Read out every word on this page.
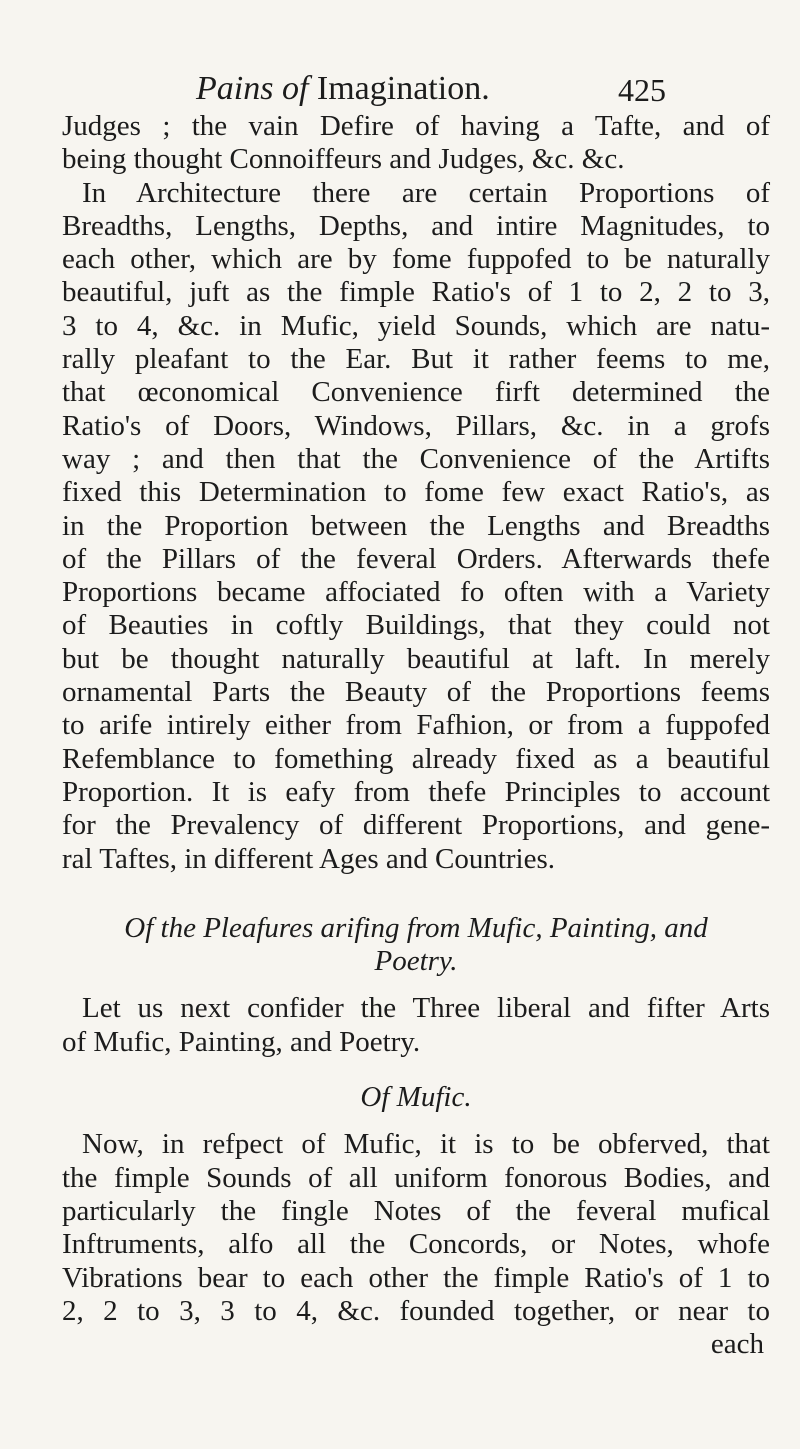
Pains of Imagination.	425
Judges ; the vain Defire of having a Tafte, and of
being thought Connoiffeurs and Judges, &c. &c.
In Architecture there are certain Proportions of
Breadths, Lengths, Depths, and intire Magnitudes, to
each other, which are by fome fuppofed to be naturally
beautiful, juft as the fimple Ratio's of 1 to 2, 2 to 3,
3 to 4, &c. in Mufic, yield Sounds, which are natu-
rally pleafant to the Ear. But it rather feems to me,
that œconomical Convenience firft determined the
Ratio's of Doors, Windows, Pillars, &c. in a grofs
way ; and then that the Convenience of the Artifts
fixed this Determination to fome few exact Ratio's, as
in the Proportion between the Lengths and Breadths
of the Pillars of the feveral Orders. Afterwards thefe
Proportions became affociated fo often with a Variety
of Beauties in coftly Buildings, that they could not
but be thought naturally beautiful at laft. In merely
ornamental Parts the Beauty of the Proportions feems
to arife intirely either from Fafhion, or from a fuppofed
Refemblance to fomething already fixed as a beautiful
Proportion. It is eafy from thefe Principles to account
for the Prevalency of different Proportions, and gene-
ral Taftes, in different Ages and Countries.
Of the Pleafures arifing from Mufic, Painting, and
Poetry.
Let us next confider the Three liberal and fifter Arts
of Mufic, Painting, and Poetry.
Of Mufic.
Now, in refpect of Mufic, it is to be obferved, that
the fimple Sounds of all uniform fonorous Bodies, and
particularly the fingle Notes of the feveral mufical
Inftruments, alfo all the Concords, or Notes, whofe
Vibrations bear to each other the fimple Ratio's of 1 to
2, 2 to 3, 3 to 4, &c. founded together, or near to
each
